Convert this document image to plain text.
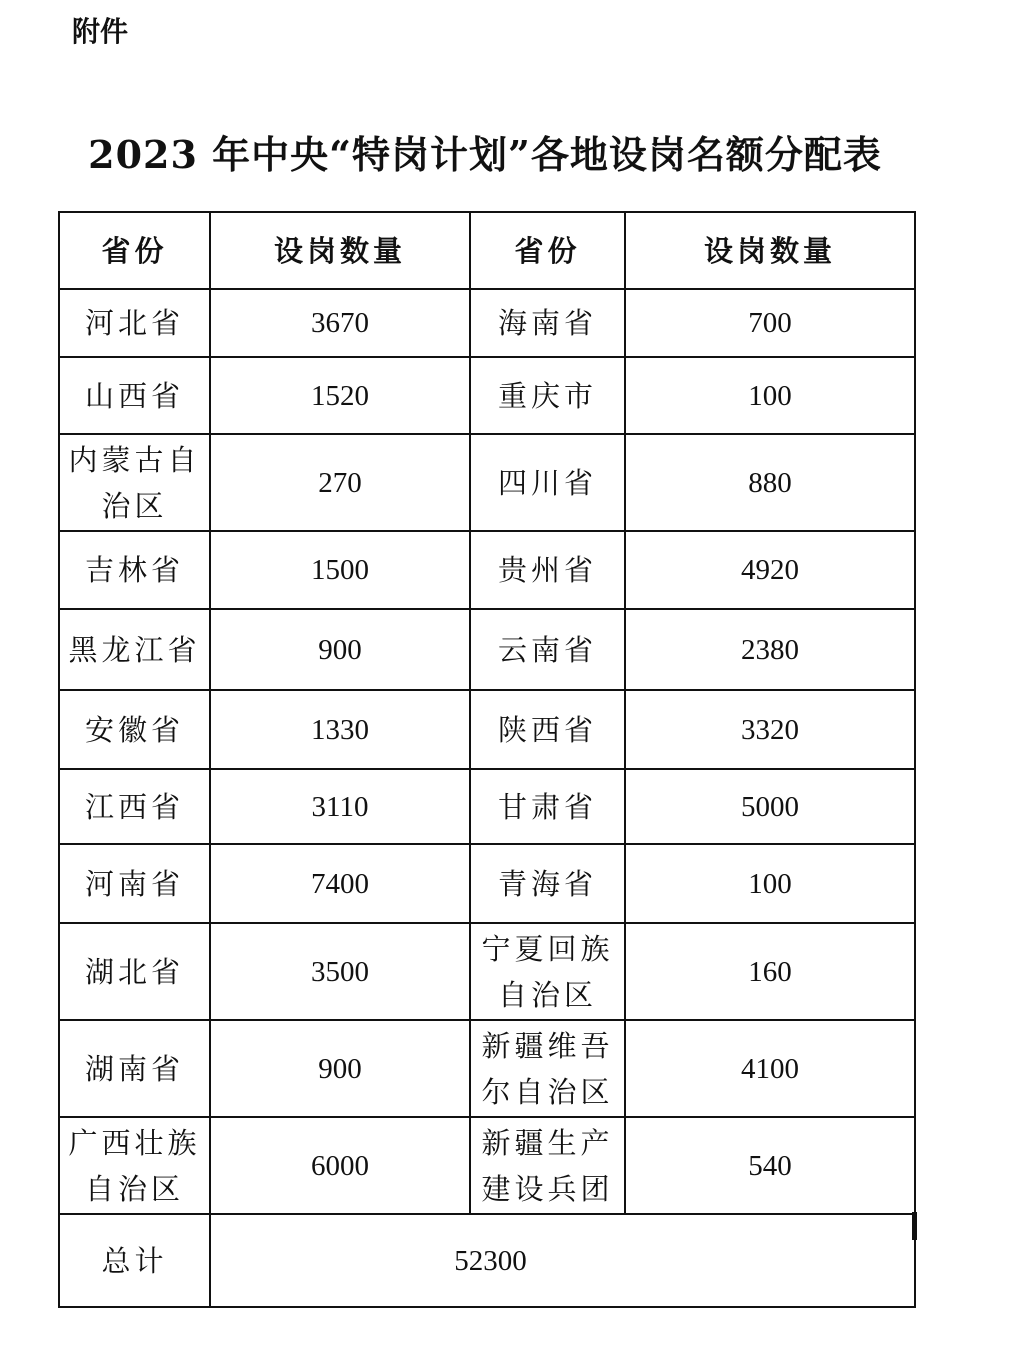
附件
2023 年中央“特岗计划”各地设岗名额分配表
省份	设岗数量	省份	设岗数量
河北省	3670	海南省	700
山西省	1520	重庆市	100
内蒙古自治区	270	四川省	880
吉林省	1500	贵州省	4920
黑龙江省	900	云南省	2380
安徽省	1330	陕西省	3320
江西省	3110	甘肃省	5000
河南省	7400	青海省	100
湖北省	3500	宁夏回族自治区	160
湖南省	900	新疆维吾尔自治区	4100
广西壮族自治区	6000	新疆生产建设兵团	540
总计	52300		
